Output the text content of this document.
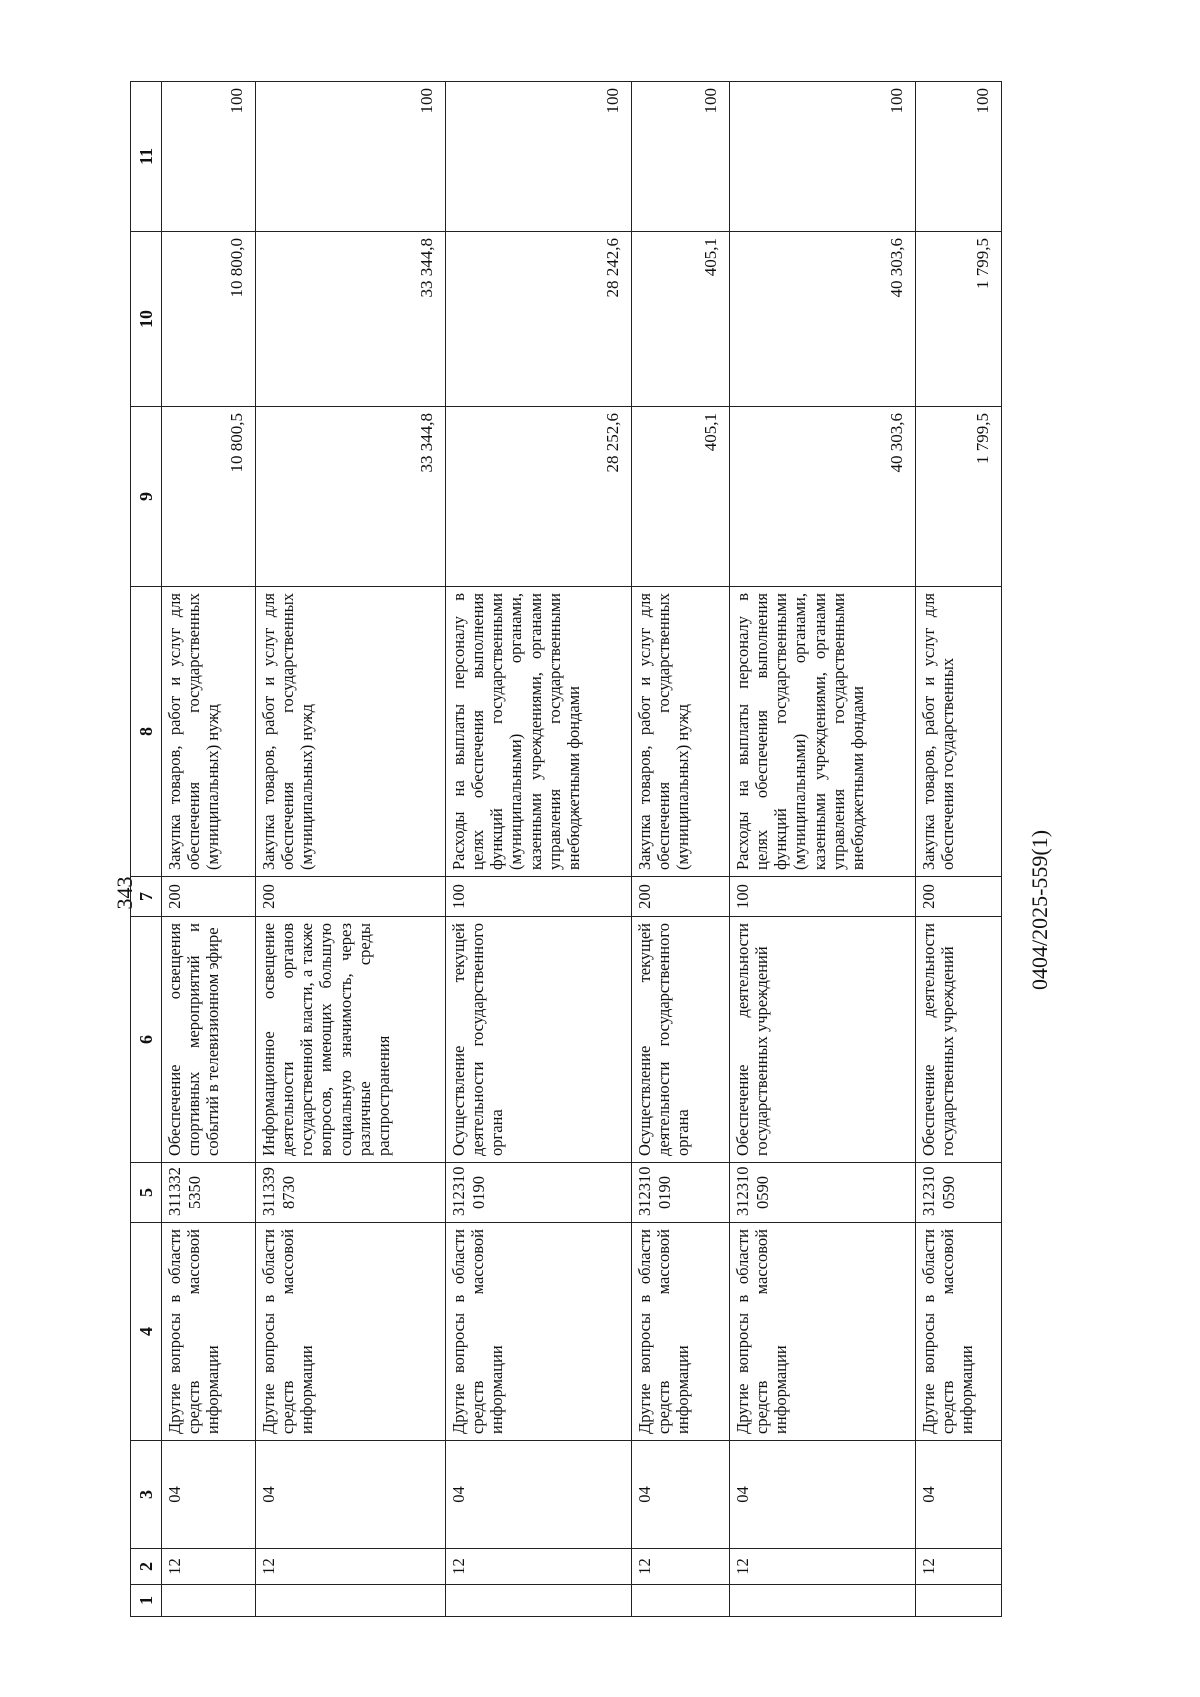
343
1	2	3	4	5	6	7	8	9	10	11
	12	04	Другие вопросы в области средств массовой информации	311332 5350	Обеспечение освещения спортивных мероприятий и событий в телевизионном эфире	200	Закупка товаров, работ и услуг для обеспечения государственных (муниципальных) нужд	10 800,5	10 800,0	100
	12	04	Другие вопросы в области средств массовой информации	311339 8730	Информационное освещение деятельности органов государственной власти, а также вопросов, имеющих большую социальную значимость, через различные среды распространения	200	Закупка товаров, работ и услуг для обеспечения государственных (муниципальных) нужд	33 344,8	33 344,8	100
	12	04	Другие вопросы в области средств массовой информации	312310 0190	Осуществление текущей деятельности государственного органа	100	Расходы на выплаты персоналу в целях обеспечения выполнения функций государственными (муниципальными) органами, казенными учреждениями, органами управления государственными внебюджетными фондами	28 252,6	28 242,6	100
	12	04	Другие вопросы в области средств массовой информации	312310 0190	Осуществление текущей деятельности государственного органа	200	Закупка товаров, работ и услуг для обеспечения государственных (муниципальных) нужд	405,1	405,1	100
	12	04	Другие вопросы в области средств массовой информации	312310 0590	Обеспечение деятельности государственных учреждений	100	Расходы на выплаты персоналу в целях обеспечения выполнения функций государственными (муниципальными) органами, казенными учреждениями, органами управления государственными внебюджетными фондами	40 303,6	40 303,6	100
	12	04	Другие вопросы в области средств массовой информации	312310 0590	Обеспечение деятельности государственных учреждений	200	Закупка товаров, работ и услуг для обеспечения государственных	1 799,5	1 799,5	100
0404/2025-559(1)
